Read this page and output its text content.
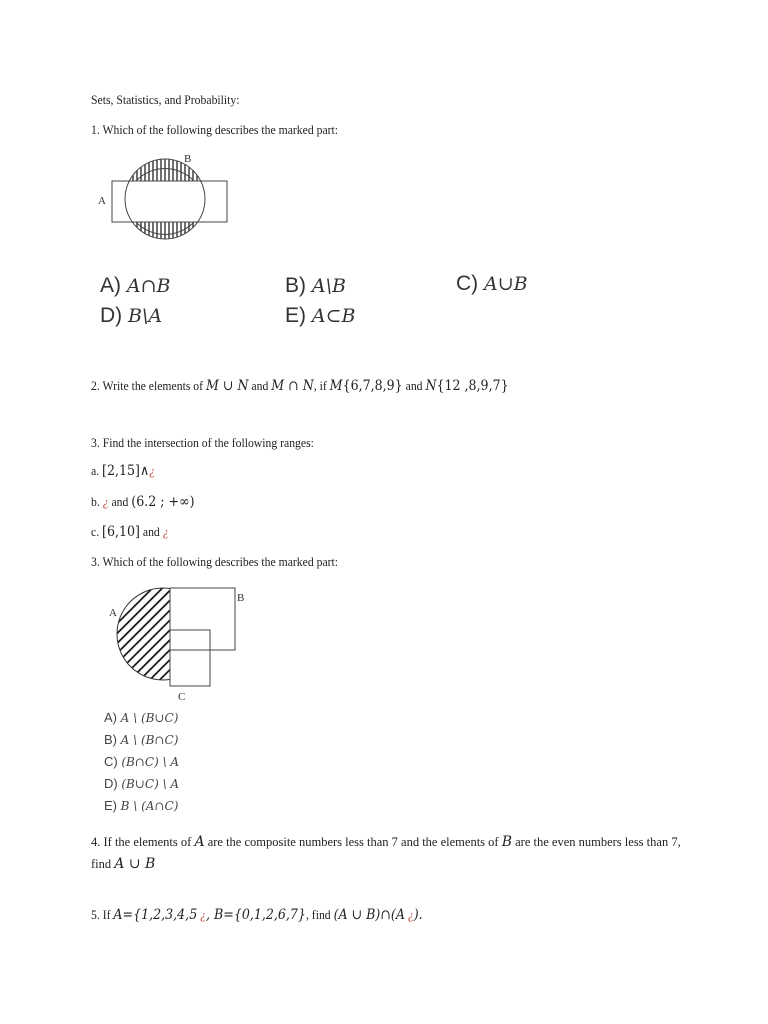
Sets, Statistics, and Probability:
1. Which of the following describes the marked part:
A
B
A) A∩B	B) A\B	C) A∪B
D) B\A	E) A⊂B
2. Write the elements of M ∪ N and M ∩ N, if M{6,7,8,9} and N{12 ,8,9,7}
3. Find the intersection of the following ranges:
a. [2,15]∧¿
b. ¿ and (6.2 ; +∞)
c. [6,10] and ¿
3. Which of the following describes the marked part:
A
B
C
A) A \ (B∪C)
B) A \ (B∩C)
C) (B∩C) \ A
D) (B∪C) \ A
E) B \ (A∩C)
4. If the elements of A are the composite numbers less than 7 and the elements of B are the even numbers less than 7, find A ∪ B
5. If A={1,2,3,4,5 ¿, B={0,1,2,6,7}, find (A ∪ B)∩(A ¿).
